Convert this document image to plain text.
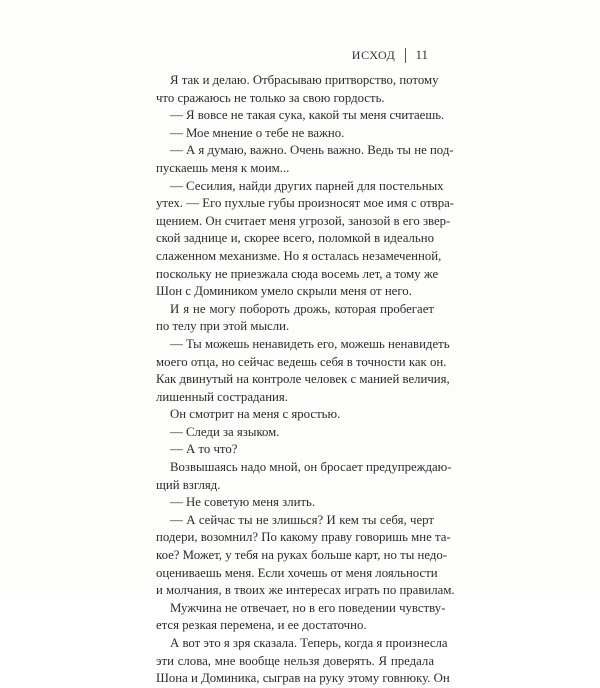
ИСХОД 11
Я так и делаю. Отбрасываю притворство, потому
что сражаюсь не только за свою гордость.
— Я вовсе не такая сука, какой ты меня считаешь.
— Мое мнение о тебе не важно.
— А я думаю, важно. Очень важно. Ведь ты не под-
пускаешь меня к моим...
— Сесилия, найди других парней для постельных
утех. — Его пухлые губы произносят мое имя с отвра-
щением. Он считает меня угрозой, занозой в его звер-
ской заднице и, скорее всего, поломкой в идеально
слаженном механизме. Но я осталась незамеченной,
поскольку не приезжала сюда восемь лет, а тому же
Шон с Домиником умело скрыли меня от него.
И я не могу побороть дрожь, которая пробегает
по телу при этой мысли.
— Ты можешь ненавидеть его, можешь ненавидеть
моего отца, но сейчас ведешь себя в точности как он.
Как двинутый на контроле человек с манией величия,
лишенный сострадания.
Он смотрит на меня с яростью.
— Следи за языком.
— А то что?
Возвышаясь надо мной, он бросает предупреждаю-
щий взгляд.
— Не советую меня злить.
— А сейчас ты не злишься? И кем ты себя, черт
подери, возомнил? По какому праву говоришь мне та-
кое? Может, у тебя на руках больше карт, но ты недо-
оцениваешь меня. Если хочешь от меня лояльности
и молчания, в твоих же интересах играть по правилам.
Мужчина не отвечает, но в его поведении чувству-
ется резкая перемена, и ее достаточно.
А вот это я зря сказала. Теперь, когда я произнесла
эти слова, мне вообще нельзя доверять. Я предала
Шона и Доминика, сыграв на руку этому говнюку. Он
